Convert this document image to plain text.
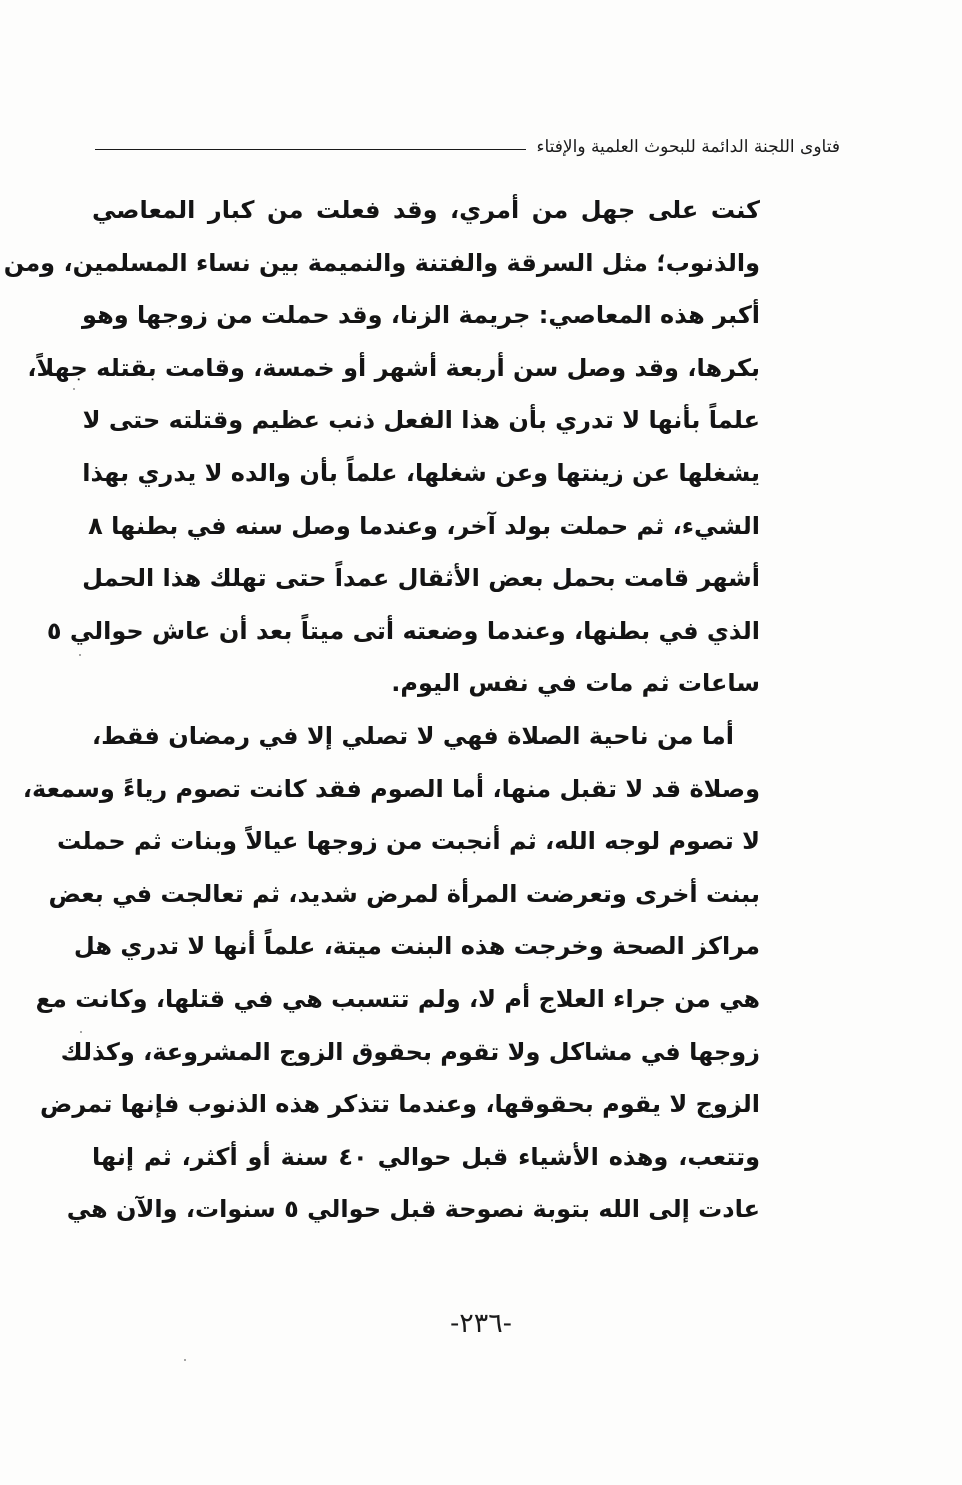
فتاوى اللجنة الدائمة للبحوث العلمية والإفتاء
كنت على جهل من أمري، وقد فعلت من كبار المعاصي
والذنوب؛ مثل السرقة والفتنة والنميمة بين نساء المسلمين، ومن
أكبر هذه المعاصي: جريمة الزنا، وقد حملت من زوجها وهو
بكرها، وقد وصل سن أربعة أشهر أو خمسة، وقامت بقتله جهلاً،
علماً بأنها لا تدري بأن هذا الفعل ذنب عظيم وقتلته حتى لا
يشغلها عن زينتها وعن شغلها، علماً بأن والده لا يدري بهذا
الشيء، ثم حملت بولد آخر، وعندما وصل سنه في بطنها ٨
أشهر قامت بحمل بعض الأثقال عمداً حتى تهلك هذا الحمل
الذي في بطنها، وعندما وضعته أتى ميتاً بعد أن عاش حوالي ٥
ساعات ثم مات في نفس اليوم.
أما من ناحية الصلاة فهي لا تصلي إلا في رمضان فقط،
وصلاة قد لا تقبل منها، أما الصوم فقد كانت تصوم رياءً وسمعة،
لا تصوم لوجه الله، ثم أنجبت من زوجها عيالاً وبنات ثم حملت
ببنت أخرى وتعرضت المرأة لمرض شديد، ثم تعالجت في بعض
مراكز الصحة وخرجت هذه البنت ميتة، علماً أنها لا تدري هل
هي من جراء العلاج أم لا، ولم تتسبب هي في قتلها، وكانت مع
زوجها في مشاكل ولا تقوم بحقوق الزوج المشروعة، وكذلك
الزوج لا يقوم بحقوقها، وعندما تتذكر هذه الذنوب فإنها تمرض
وتتعب، وهذه الأشياء قبل حوالي ٤٠ سنة أو أكثر، ثم إنها
عادت إلى الله بتوبة نصوحة قبل حوالي ٥ سنوات، والآن هي
-٢٣٦-
